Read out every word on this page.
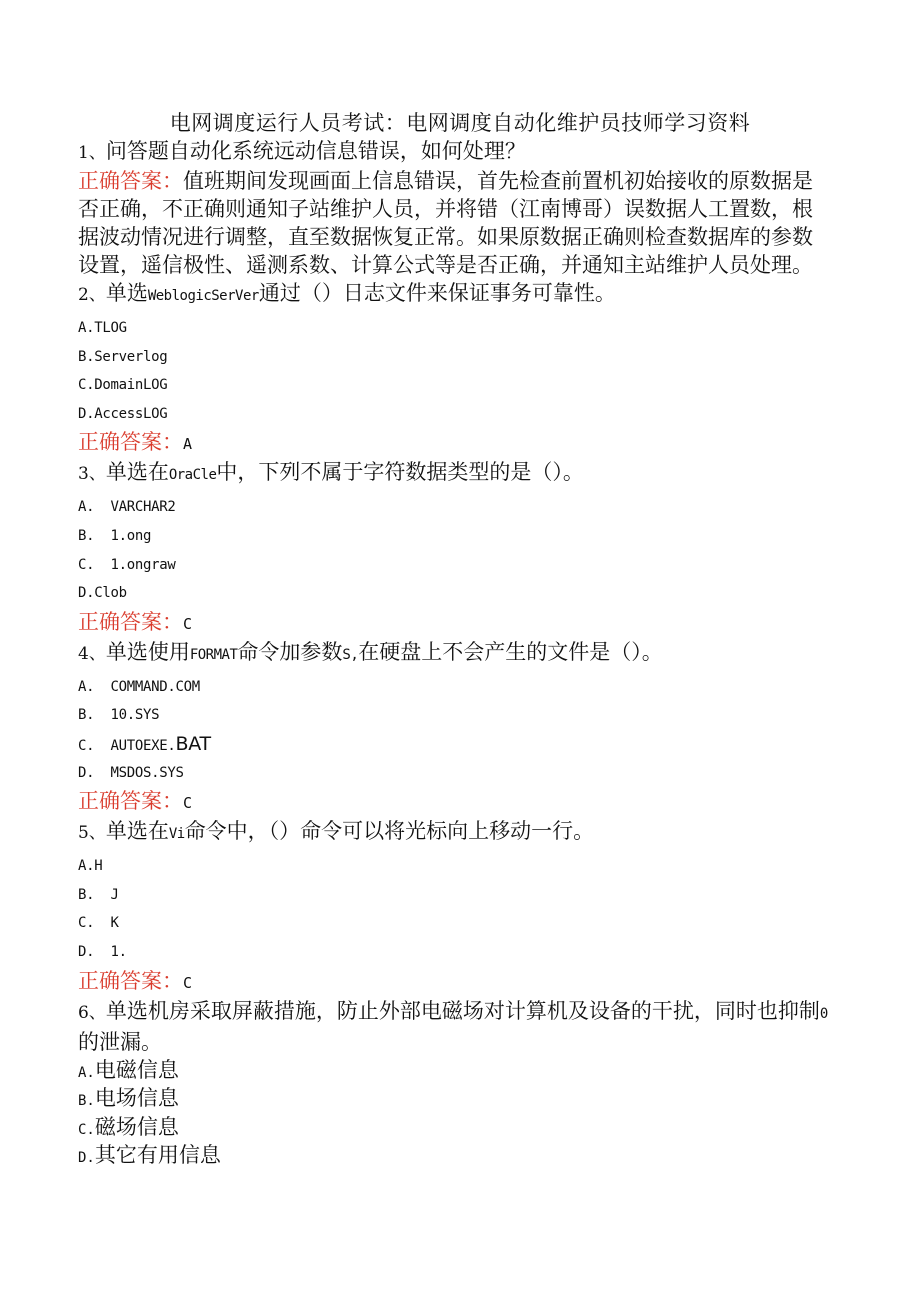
电网调度运行人员考试：电网调度自动化维护员技师学习资料

1、问答题自动化系统远动信息错误，如何处理？

正确答案：值班期间发现画面上信息错误，首先检查前置机初始接收的原数据是否正确，不正确则通知子站维护人员，并将错（江南博哥）误数据人工置数，根据波动情况进行调整，直至数据恢复正常。如果原数据正确则检查数据库的参数设置，遥信极性、遥测系数、计算公式等是否正确，并通知主站维护人员处理。

2、单选WeblogicSerVer通过（）日志文件来保证事务可靠性。

A.TLOG
B.Serverlog
C.DomainLOG
D.AccessLOG

正确答案：A

3、单选在OraCle中，下列不属于字符数据类型的是（）。

A.  VARCHAR2
B.  1.ong
C.  1.ongraw
D.Clob

正确答案：C

4、单选使用FORMAT命令加参数S,在硬盘上不会产生的文件是（）。

A.  COMMAND.COM
B.  10.SYS
C.  AUTOEXE.BAT
D.  MSDOS.SYS

正确答案：C

5、单选在Vi命令中，（）命令可以将光标向上移动一行。

A.H
B.  J
C.  K
D.  1.

正确答案：C

6、单选机房采取屏蔽措施，防止外部电磁场对计算机及设备的干扰，同时也抑制0的泄漏。

A.电磁信息
B.电场信息
C.磁场信息
D.其它有用信息
